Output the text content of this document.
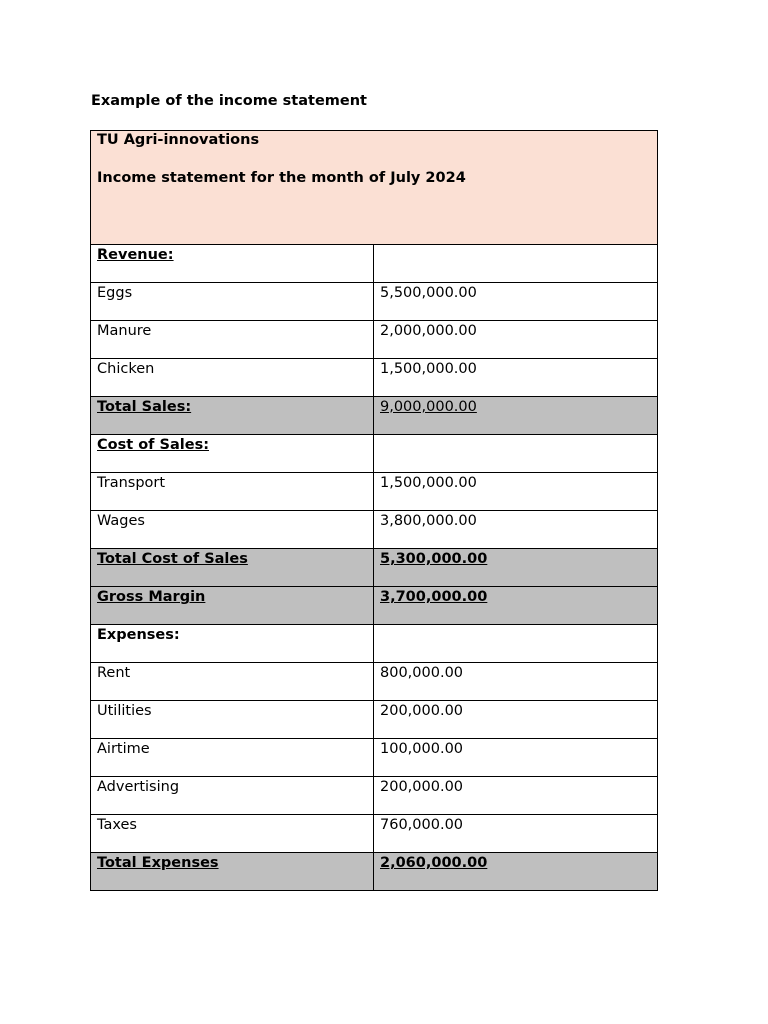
Example of the income statement
TU Agri-innovations
Income statement for the month of July 2024	

Revenue:	
Eggs	5,500,000.00
Manure	2,000,000.00
Chicken	1,500,000.00
Total Sales:	9,000,000.00
Cost of Sales:	
Transport	1,500,000.00
Wages	3,800,000.00
Total Cost of Sales	5,300,000.00
Gross Margin	3,700,000.00
Expenses:	
Rent	800,000.00
Utilities	200,000.00
Airtime	100,000.00
Advertising	200,000.00
Taxes	760,000.00
Total Expenses	2,060,000.00
